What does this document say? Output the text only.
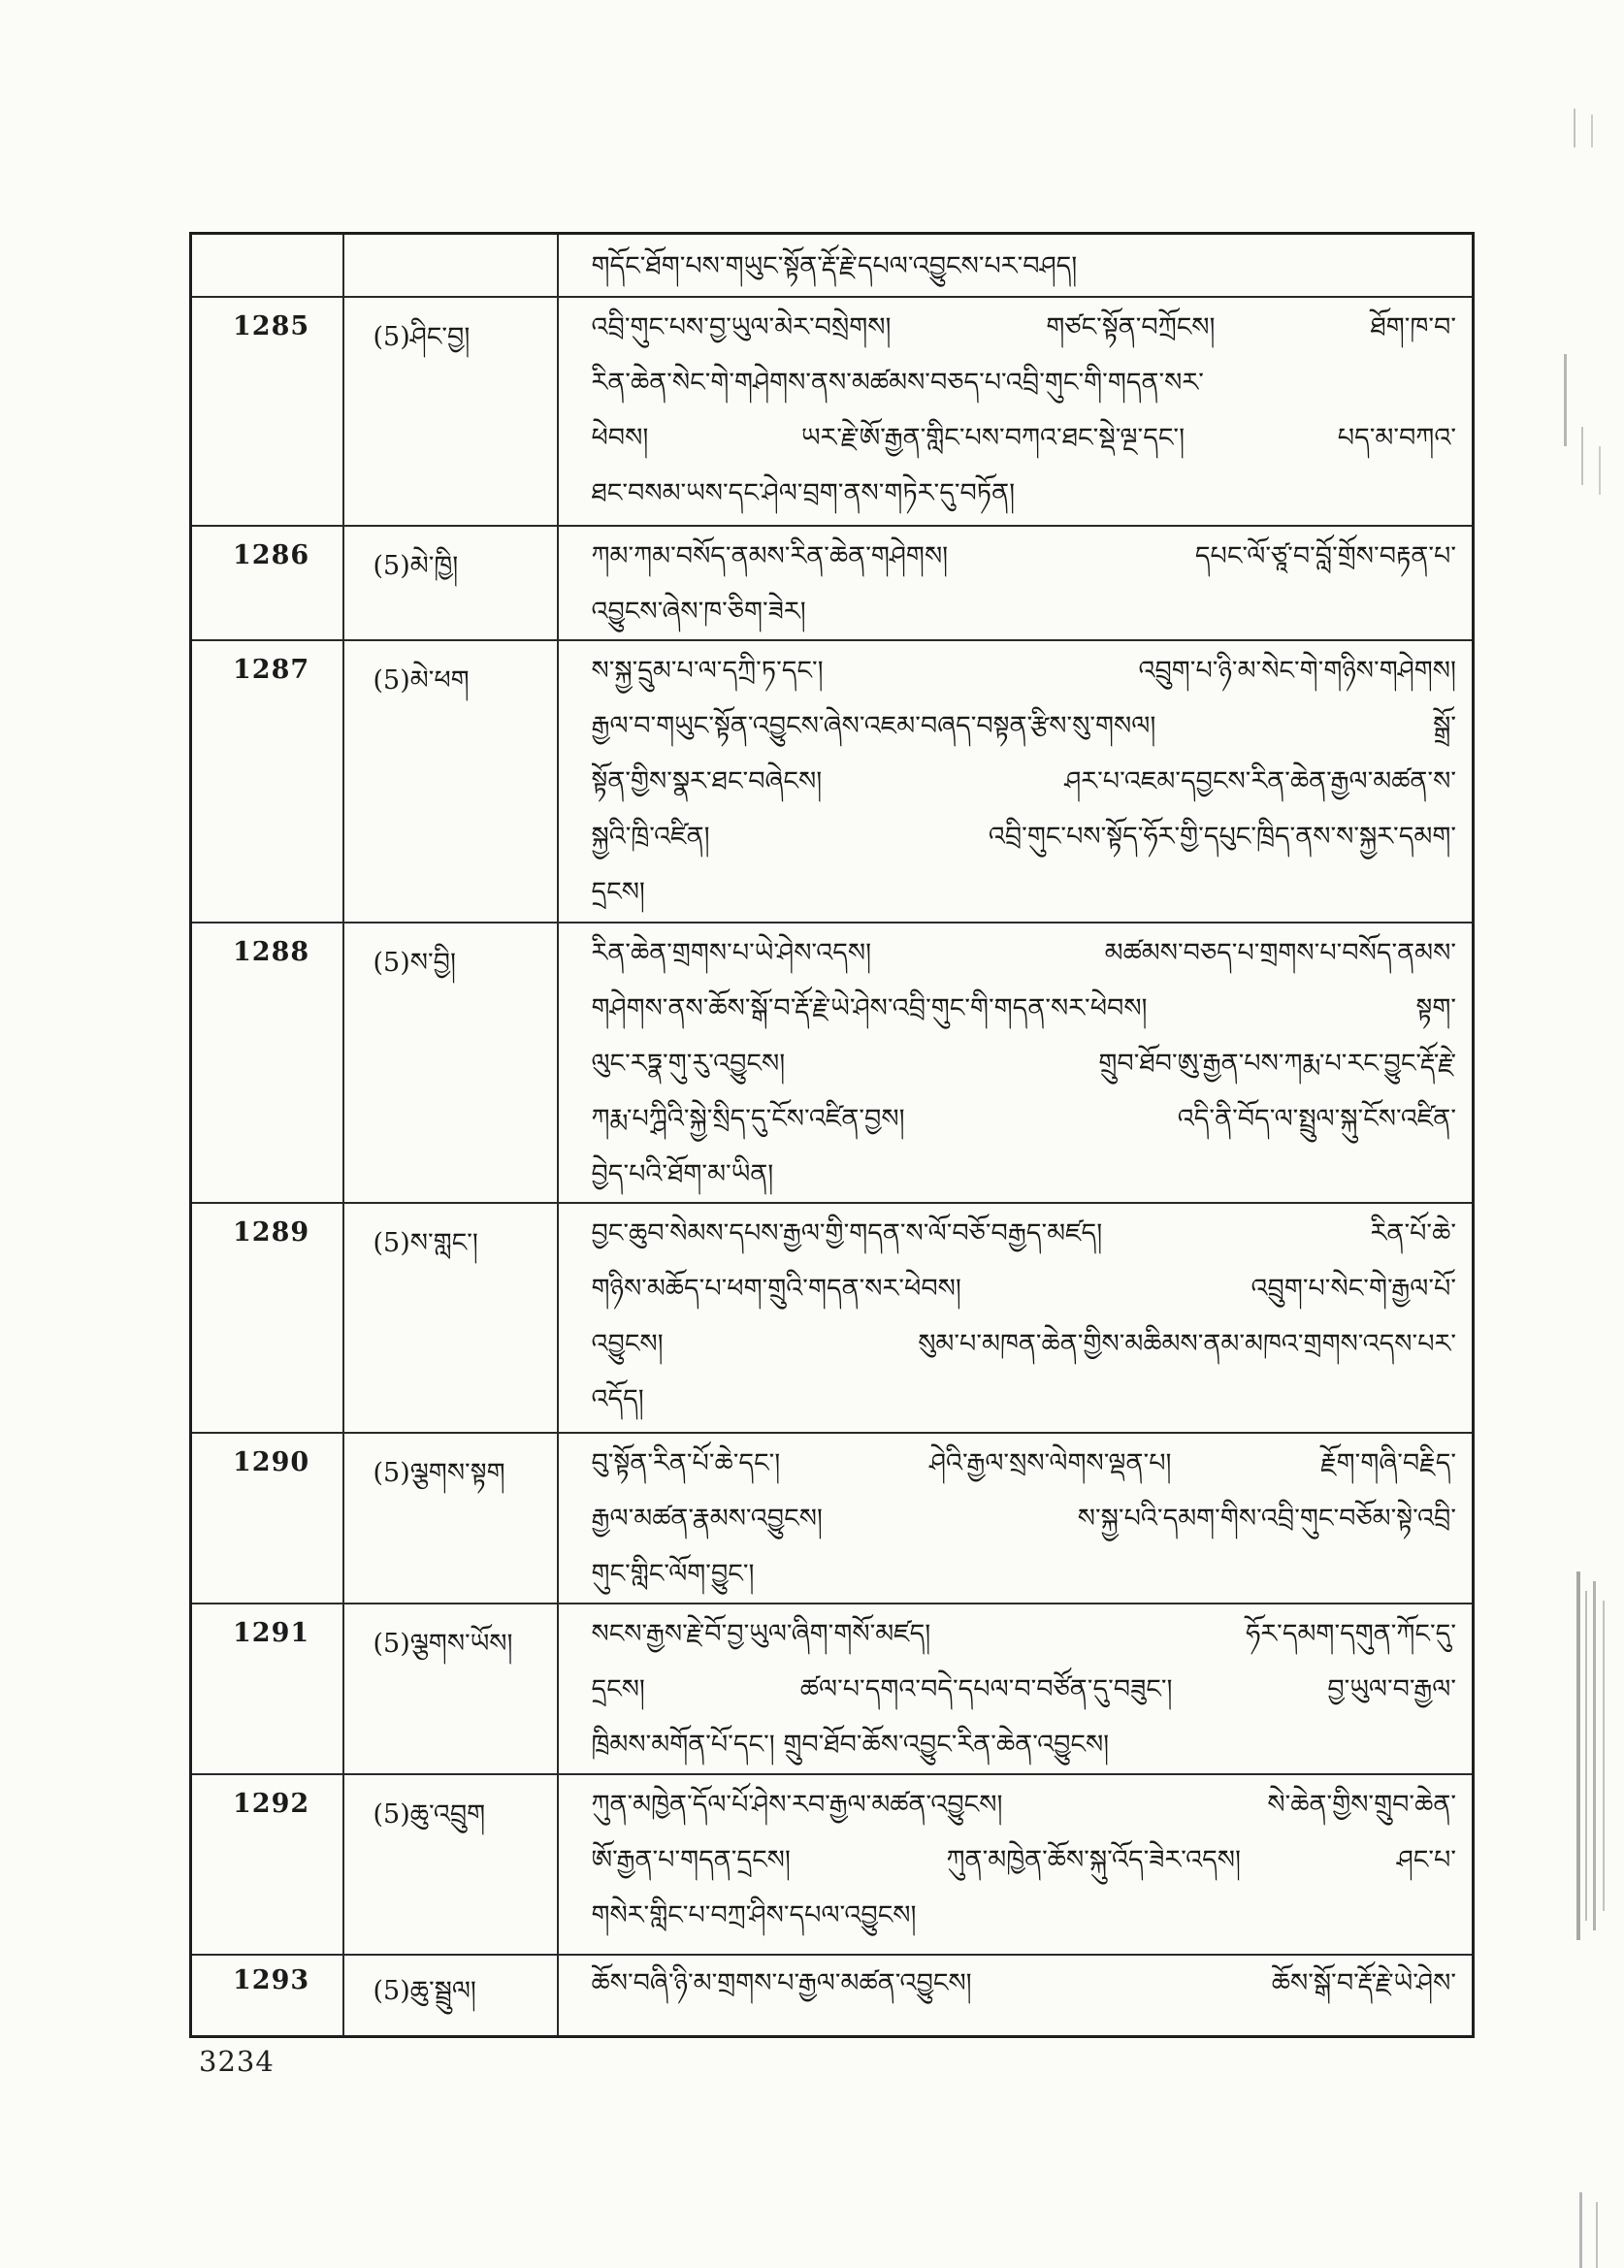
		གདོང་ཐོག་པས་གཡུང་སྟོན་རྡོ་རྗེ་དཔལ་འབྱུངས་པར་བཤད།

1285	(5)ཤིང་བྱ།	འབྲི་གུང་པས་བྱ་ཡུལ་མེར་བསྲེགས། གཙང་སྟོན་བཀྲོངས། ཐོག་ཁ་བ་
རིན་ཆེན་སེང་གེ་གཤེགས་ནས་མཚམས་བཅད་པ་འབྲི་གུང་གི་གདན་སར་
ཕེབས། ཡར་རྗེ་ཨོ་རྒྱན་གླིང་པས་བཀའ་ཐང་སྡེ་ལྔ་དང་། པད་མ་བཀའ་
ཐང་བསམ་ཡས་དང་ཤེལ་བྲག་ནས་གཏེར་དུ་བཏོན།

1286	(5)མེ་ཁྱི།	ཀམ་ཀམ་བསོད་ནམས་རིན་ཆེན་གཤེགས། དཔང་ལོ་ཙཱ་བ་བློ་གྲོས་བརྟན་པ་
འབྱུངས་ཞེས་ཁ་ཅིག་ཟེར།

1287	(5)མེ་ཕག	ས་སྐྱ་དྲུམ་པ་ལ་དཀྲི་ཏ་དང་། འབྲུག་པ་ཉི་མ་སེང་གེ་གཉིས་གཤེགས།
རྒྱལ་བ་གཡུང་སྟོན་འབྱུངས་ཞེས་འཇམ་བཞད་བསྟན་རྩིས་སུ་གསལ། སྒྲོ་
སྟོན་གྱིས་སྣར་ཐང་བཞེངས། ཤར་པ་འཇམ་དབྱངས་རིན་ཆེན་རྒྱལ་མཚན་ས་
སྐྱའི་ཁྲི་འཛིན། འབྲི་གུང་པས་སྟོད་ཧོར་གྱི་དཔུང་ཁྲིད་ནས་ས་སྐྱར་དམག་
དྲངས།

1288	(5)ས་བྱི།	རིན་ཆེན་གྲགས་པ་ཡེ་ཤེས་འདས། མཚམས་བཅད་པ་གྲགས་པ་བསོད་ནམས་
གཤེགས་ནས་ཆོས་སྒོ་བ་རྡོ་རྗེ་ཡེ་ཤེས་འབྲི་གུང་གི་གདན་སར་ཕེབས། སྟག་
ལུང་རཏྣ་གུ་རུ་འབྱུངས། གྲུབ་ཐོབ་ཨུ་རྒྱན་པས་ཀརྨ་པ་རང་བྱུང་རྡོ་རྗེ་
ཀརྨ་པཀྴིའི་སྐྱེ་སྲིད་དུ་ངོས་འཛིན་བྱས། འདི་ནི་བོད་ལ་སྤྲུལ་སྐུ་ངོས་འཛིན་
བྱེད་པའི་ཐོག་མ་ཡིན།

1289	(5)ས་གླང་།	བྱང་ཆུབ་སེམས་དཔས་རྒྱལ་གྱི་གདན་ས་ལོ་བཅོ་བརྒྱད་མཛད། རིན་པོ་ཆེ་
གཉིས་མཆོད་པ་ཕག་གྲུའི་གདན་སར་ཕེབས། འབྲུག་པ་སེང་གེ་རྒྱལ་པོ་
འབྱུངས། སུམ་པ་མཁན་ཆེན་གྱིས་མཆིམས་ནམ་མཁའ་གྲགས་འདས་པར་
འདོད།

1290	(5)ལྕགས་སྟག	བུ་སྟོན་རིན་པོ་ཆེ་དང་། ཤེའི་རྒྱལ་སྲས་ལེགས་ལྡན་པ། རྗོག་གཞི་བརྗིད་
རྒྱལ་མཚན་རྣམས་འབྱུངས། ས་སྐྱ་པའི་དམག་གིས་འབྲི་གུང་བཅོམ་སྟེ་འབྲི་
གུང་གླིང་ལོག་བྱུང་།

1291	(5)ལྕགས་ཡོས།	སངས་རྒྱས་རྗེ་བོ་བྱ་ཡུལ་ཞིག་གསོ་མཛད། ཧོར་དམག་དགུན་ཀོང་དུ་
དྲངས། ཚལ་པ་དགའ་བདེ་དཔལ་བ་བཙོན་དུ་བཟུང་། བྱ་ཡུལ་བ་རྒྱལ་
ཁྲིམས་མགོན་པོ་དང་། གྲུབ་ཐོབ་ཆོས་འབྱུང་རིན་ཆེན་འབྱུངས།

1292	(5)ཆུ་འབྲུག	ཀུན་མཁྱེན་དོལ་པོ་ཤེས་རབ་རྒྱལ་མཚན་འབྱུངས། སེ་ཆེན་གྱིས་གྲུབ་ཆེན་
ཨོ་རྒྱན་པ་གདན་དྲངས། ཀུན་མཁྱེན་ཆོས་སྐུ་འོད་ཟེར་འདས། ཤང་པ་
གསེར་གླིང་པ་བཀྲ་ཤིས་དཔལ་འབྱུངས།

1293	(5)ཆུ་སྦྲུལ།	ཆོས་བཞི་ཉི་མ་གྲགས་པ་རྒྱལ་མཚན་འབྱུངས། ཆོས་སྒོ་བ་རྡོ་རྗེ་ཡེ་ཤེས་
3234
